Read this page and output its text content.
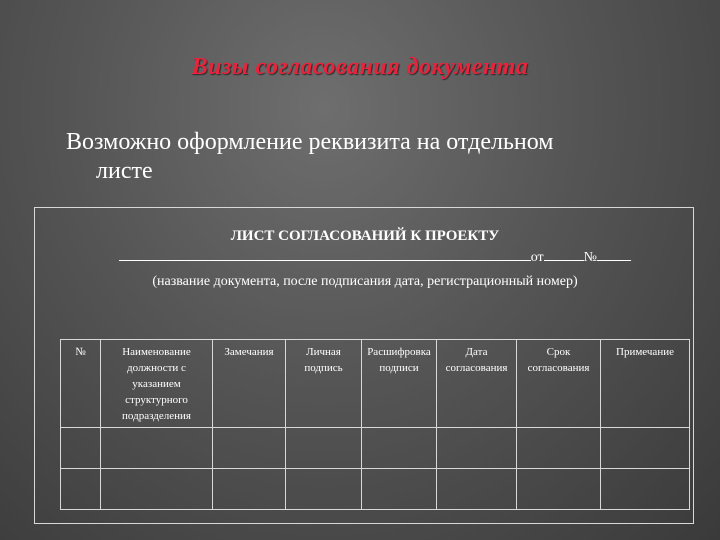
Визы согласования документа

Возможно оформление реквизита на отдельном
листе

ЛИСТ СОГЛАСОВАНИЙ К ПРОЕКТУ
от	№
(название документа, после подписания дата, регистрационный номер)
№	Наименование должности с указанием структурного подразделения	Замечания	Личная подпись	Расшифровка подписи	Дата согласования	Срок согласования	Примечание
